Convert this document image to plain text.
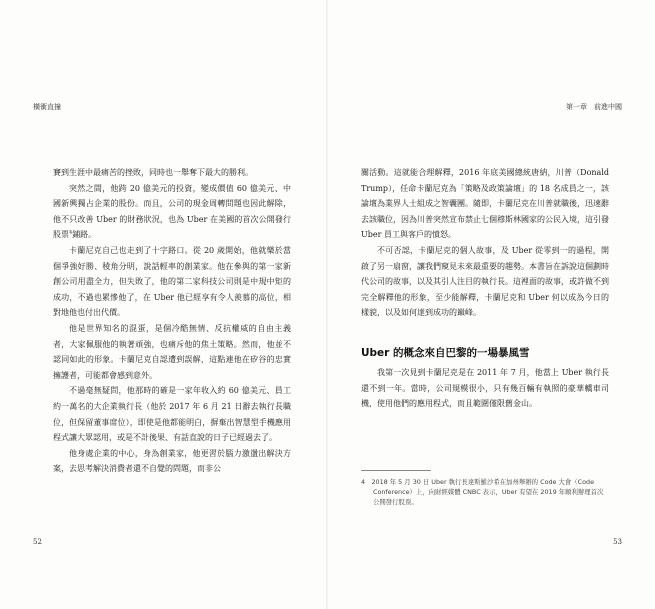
橫衝直撞

賽到生涯中最痛苦的挫敗，同時也一舉奪下最大的勝利。

突然之間，他跨 20 億美元的投資，變成價值 60 億美元、中國新興獨占企業的股份。而且，公司的現金周轉問題也因此解除，他不只改善 Uber 的財務狀況，也為 Uber 在美國的首次公開發行股票$^4$鋪路。

卡蘭尼克自己也走到了十字路口。從 20 歲開始，他就樂於當個爭強好勝、稜角分明，說話輕率的創業家。他在參與的第一家新創公司用盡全力，但失敗了，他的第二家科技公司則是中規中矩的成功，不過也累慘他了，在 Uber 他已經享有令人羨慕的高位，相對地他也付出代價。

他是世界知名的混蛋，是個冷酷無情、反抗權威的自由主義者，大家佩服他的執著頑強，也痛斥他的焦土策略。然而，他並不認同如此的形象。卡蘭尼克自認遭到誤解，這點連他在矽谷的忠實擁護者，可能都會感到意外。

不過毫無疑問，他那時的確是一家年收入約 60 億美元、員工約一萬名的大企業執行長（他於 2017 年 6 月 21 日辭去執行長職位，但保留董事席位），即使是他都能明白，摒棄出智慧型手機應用程式讓大眾認用，或是不計後果、有話直說的日子已經過去了。

他身處企業的中心，身為創業家，他更習於腦力激盪出解決方案，去思考解決消費者還不自覺的問題，而非公

52
第一章　前進中國

關活動。這就能合理解釋，2016 年底美國總統唐納，川普（Donald Trump），任命卡蘭尼克為「策略及政策論壇」的 18 名成員之一，該論壇為業界人士組成之智囊團。隨即，卡蘭尼克在川普就職後，迅速辭去該職位，因為川普突然宣布禁止七個穆斯林國家的公民入境，這引發 Uber 員工與客戶的憤怒。

不可否認，卡蘭尼克的個人故事，及 Uber 從零到一的過程，開啟了另一扇窗，讓我們窺見未來最重要的趨勢。本書旨在訴說這個劃時代公司的故事，以及其引人注目的執行長。這裡面的故事，或許做不到完全解釋他的形象，至少能解釋，卡蘭尼克和 Uber 何以成為今日的樣貌，以及如何達到成功的巔峰。

Uber 的概念來自巴黎的一場暴風雪

我第一次見到卡蘭尼克是在 2011 年 7 月，他當上 Uber 執行長還不到一年。當時，公司規模很小，只有幾百輛有執照的豪華轎車司機，使用他們的應用程式，而且範圍僅限舊金山。

4　2018 年 5 月 30 日 Uber 執行長達斯羅沙希在加州舉辦的 Code 大會（Code Conference）上，向財經媒體 CNBC 表示，Uber 有望在 2019 年順利辦理首次公開發行股票。

53
